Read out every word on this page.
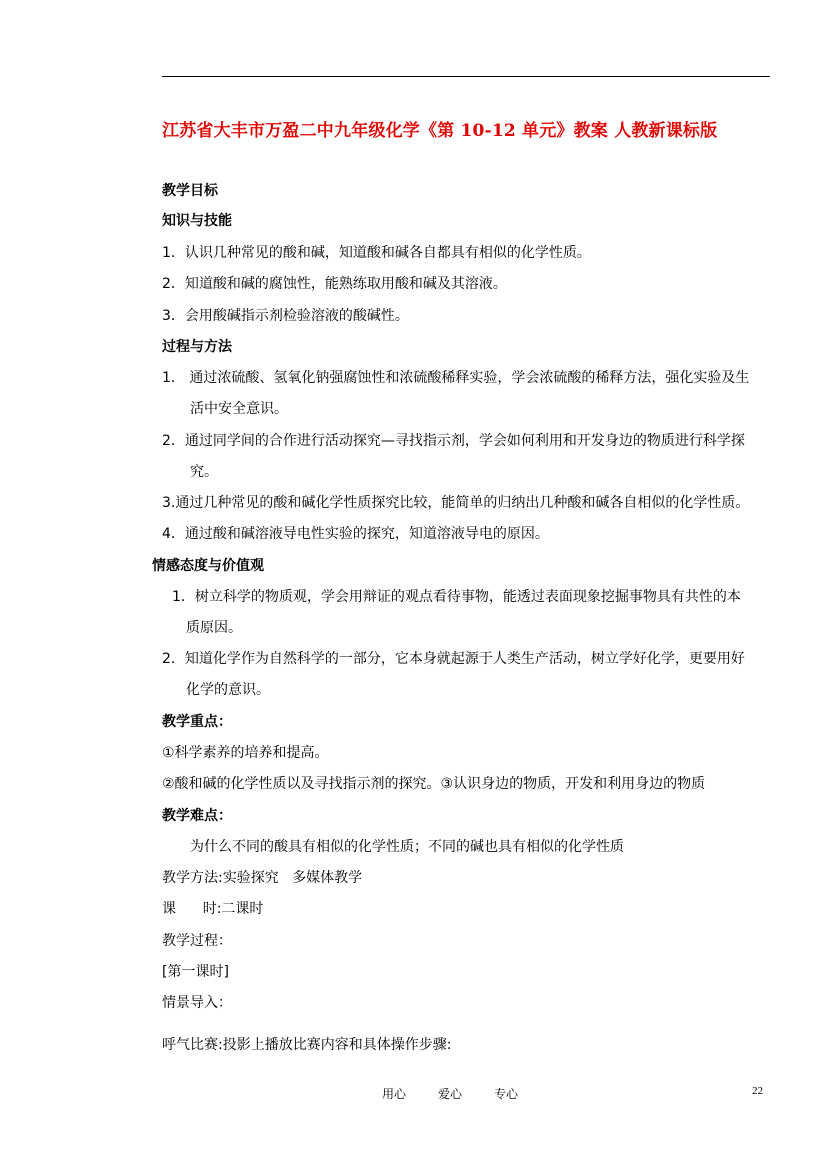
江苏省大丰市万盈二中九年级化学《第 10-12 单元》教案 人教新课标版
教学目标
知识与技能
1．认识几种常见的酸和碱，知道酸和碱各自都具有相似的化学性质。
2．知道酸和碱的腐蚀性，能熟练取用酸和碱及其溶液。
3．会用酸碱指示剂检验溶液的酸碱性。
过程与方法
1． 通过浓硫酸、氢氧化钠强腐蚀性和浓硫酸稀释实验，学会浓硫酸的稀释方法，强化实验及生
活中安全意识。
2．通过同学间的合作进行活动探究—寻找指示剂，学会如何利用和开发身边的物质进行科学探
究。
3.通过几种常见的酸和碱化学性质探究比较，能简单的归纳出几种酸和碱各自相似的化学性质。
4．通过酸和碱溶液导电性实验的探究，知道溶液导电的原因。
情感态度与价值观
1．树立科学的物质观，学会用辩证的观点看待事物，能透过表面现象挖掘事物具有共性的本
质原因。
2．知道化学作为自然科学的一部分，它本身就起源于人类生产活动，树立学好化学，更要用好
化学的意识。
教学重点：
①科学素养的培养和提高。
②酸和碱的化学性质以及寻找指示剂的探究。③认识身边的物质，开发和利用身边的物质
教学难点：
为什么不同的酸具有相似的化学性质；不同的碱也具有相似的化学性质
教学方法:实验探究   多媒体教学
课      时:二课时
教学过程：
[第一课时]
情景导入：
呼气比赛:投影上播放比赛内容和具体操作步骤:
用心	爱心	专心	22
